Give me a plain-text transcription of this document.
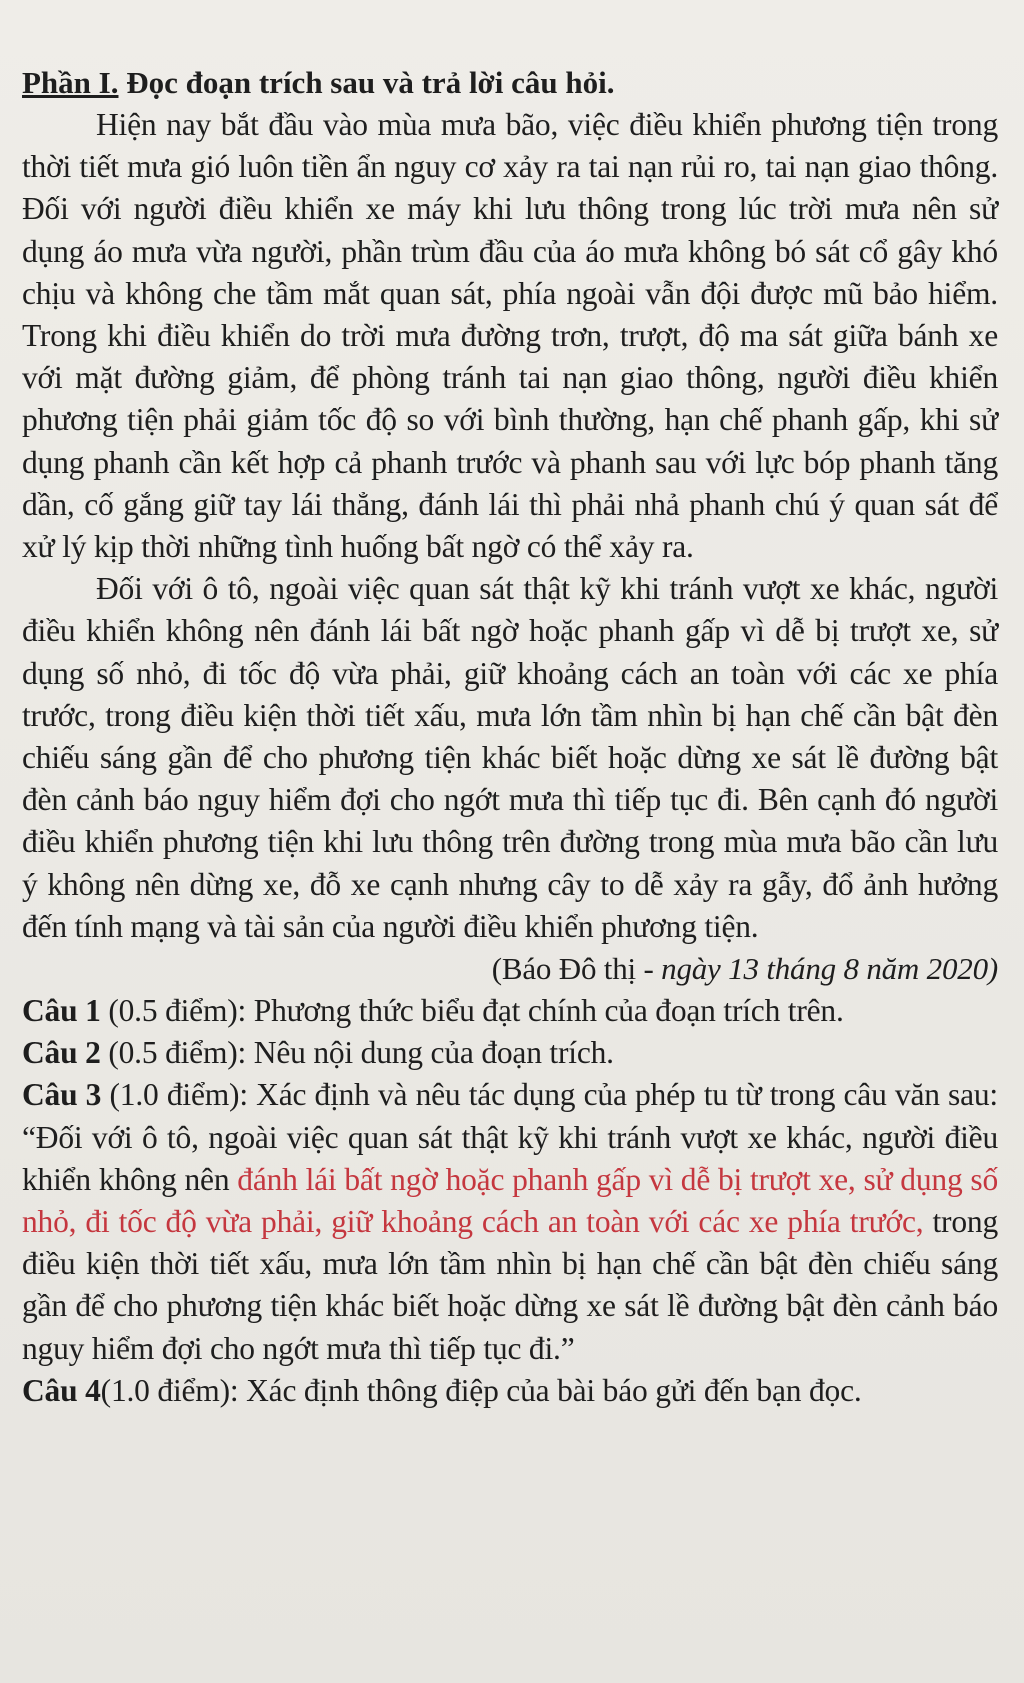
Phần I. Đọc đoạn trích sau và trả lời câu hỏi.

Hiện nay bắt đầu vào mùa mưa bão, việc điều khiển phương tiện trong thời tiết mưa gió luôn tiền ẩn nguy cơ xảy ra tai nạn rủi ro, tai nạn giao thông. Đối với người điều khiển xe máy khi lưu thông trong lúc trời mưa nên sử dụng áo mưa vừa người, phần trùm đầu của áo mưa không bó sát cổ gây khó chịu và không che tầm mắt quan sát, phía ngoài vẫn đội được mũ bảo hiểm. Trong khi điều khiển do trời mưa đường trơn, trượt, độ ma sát giữa bánh xe với mặt đường giảm, để phòng tránh tai nạn giao thông, người điều khiển phương tiện phải giảm tốc độ so với bình thường, hạn chế phanh gấp, khi sử dụng phanh cần kết hợp cả phanh trước và phanh sau với lực bóp phanh tăng dần, cố gắng giữ tay lái thẳng, đánh lái thì phải nhả phanh chú ý quan sát để xử lý kịp thời những tình huống bất ngờ có thể xảy ra.

Đối với ô tô, ngoài việc quan sát thật kỹ khi tránh vượt xe khác, người điều khiển không nên đánh lái bất ngờ hoặc phanh gấp vì dễ bị trượt xe, sử dụng số nhỏ, đi tốc độ vừa phải, giữ khoảng cách an toàn với các xe phía trước, trong điều kiện thời tiết xấu, mưa lớn tầm nhìn bị hạn chế cần bật đèn chiếu sáng gần để cho phương tiện khác biết hoặc dừng xe sát lề đường bật đèn cảnh báo nguy hiểm đợi cho ngớt mưa thì tiếp tục đi. Bên cạnh đó người điều khiển phương tiện khi lưu thông trên đường trong mùa mưa bão cần lưu ý không nên dừng xe, đỗ xe cạnh nhưng cây to dễ xảy ra gẫy, đổ ảnh hưởng đến tính mạng và tài sản của người điều khiển phương tiện.

(Báo Đô thị - ngày 13 tháng 8 năm 2020)

Câu 1 (0.5 điểm): Phương thức biểu đạt chính của đoạn trích trên.

Câu 2 (0.5 điểm): Nêu nội dung của đoạn trích.

Câu 3 (1.0 điểm): Xác định và nêu tác dụng của phép tu từ trong câu văn sau: “Đối với ô tô, ngoài việc quan sát thật kỹ khi tránh vượt xe khác, người điều khiển không nên đánh lái bất ngờ hoặc phanh gấp vì dễ bị trượt xe, sử dụng số nhỏ, đi tốc độ vừa phải, giữ khoảng cách an toàn với các xe phía trước, trong điều kiện thời tiết xấu, mưa lớn tầm nhìn bị hạn chế cần bật đèn chiếu sáng gần để cho phương tiện khác biết hoặc dừng xe sát lề đường bật đèn cảnh báo nguy hiểm đợi cho ngớt mưa thì tiếp tục đi.”

Câu 4(1.0 điểm): Xác định thông điệp của bài báo gửi đến bạn đọc.
